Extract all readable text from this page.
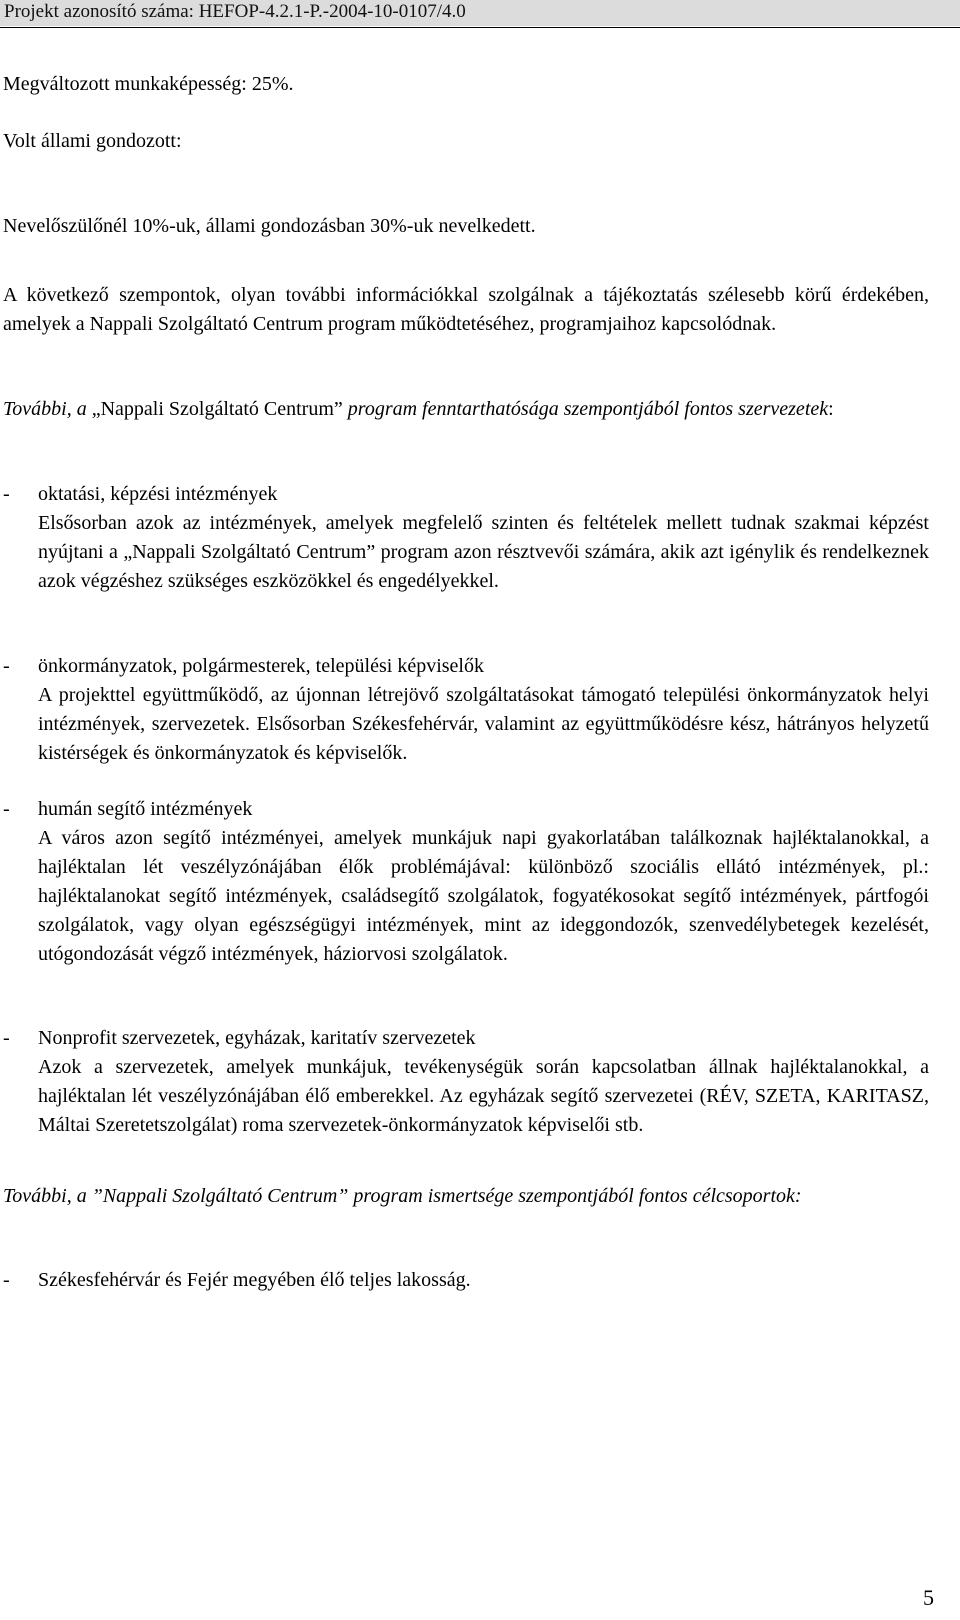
Projekt azonosító száma: HEFOP-4.2.1-P.-2004-10-0107/4.0

Megváltozott munkaképesség: 25%.

Volt állami gondozott:

Nevelőszülőnél 10%-uk, állami gondozásban 30%-uk nevelkedett.

A következő szempontok, olyan további információkkal szolgálnak a tájékoztatás szélesebb körű érdekében, amelyek a Nappali Szolgáltató Centrum program működtetéséhez, programjaihoz kapcsolódnak.

További, a „Nappali Szolgáltató Centrum” program fenntarthatósága szempontjából fontos szervezetek:

- oktatási, képzési intézmények

Elsősorban azok az intézmények, amelyek megfelelő szinten és feltételek mellett tudnak szakmai képzést nyújtani a „Nappali Szolgáltató Centrum” program azon résztvevői számára, akik azt igénylik és rendelkeznek azok végzéshez szükséges eszközökkel és engedélyekkel.

- önkormányzatok, polgármesterek, települési képviselők

A projekttel együttműködő, az újonnan létrejövő szolgáltatásokat támogató települési önkormányzatok helyi intézmények, szervezetek. Elsősorban Székesfehérvár, valamint az együttműködésre kész, hátrányos helyzetű kistérségek és önkormányzatok és képviselők.

- humán segítő intézmények

A város azon segítő intézményei, amelyek munkájuk napi gyakorlatában találkoznak hajléktalanokkal, a hajléktalan lét veszélyzónájában élők problémájával: különböző szociális ellátó intézmények, pl.: hajléktalanokat segítő intézmények, családsegítő szolgálatok, fogyatékosokat segítő intézmények, pártfogói szolgálatok, vagy olyan egészségügyi intézmények, mint az ideggondozók, szenvedélybetegek kezelését, utógondozását végző intézmények, háziorvosi szolgálatok.

- Nonprofit szervezetek, egyházak, karitatív szervezetek

Azok a szervezetek, amelyek munkájuk, tevékenységük során kapcsolatban állnak hajléktalanokkal, a hajléktalan lét veszélyzónájában élő emberekkel. Az egyházak segítő szervezetei (RÉV, SZETA, KARITASZ, Máltai Szeretetszolgálat) roma szervezetek-önkormányzatok képviselői stb.

További, a ”Nappali Szolgáltató Centrum” program ismertsége szempontjából fontos célcsoportok:

- Székesfehérvár és Fejér megyében élő teljes lakosság.
5
